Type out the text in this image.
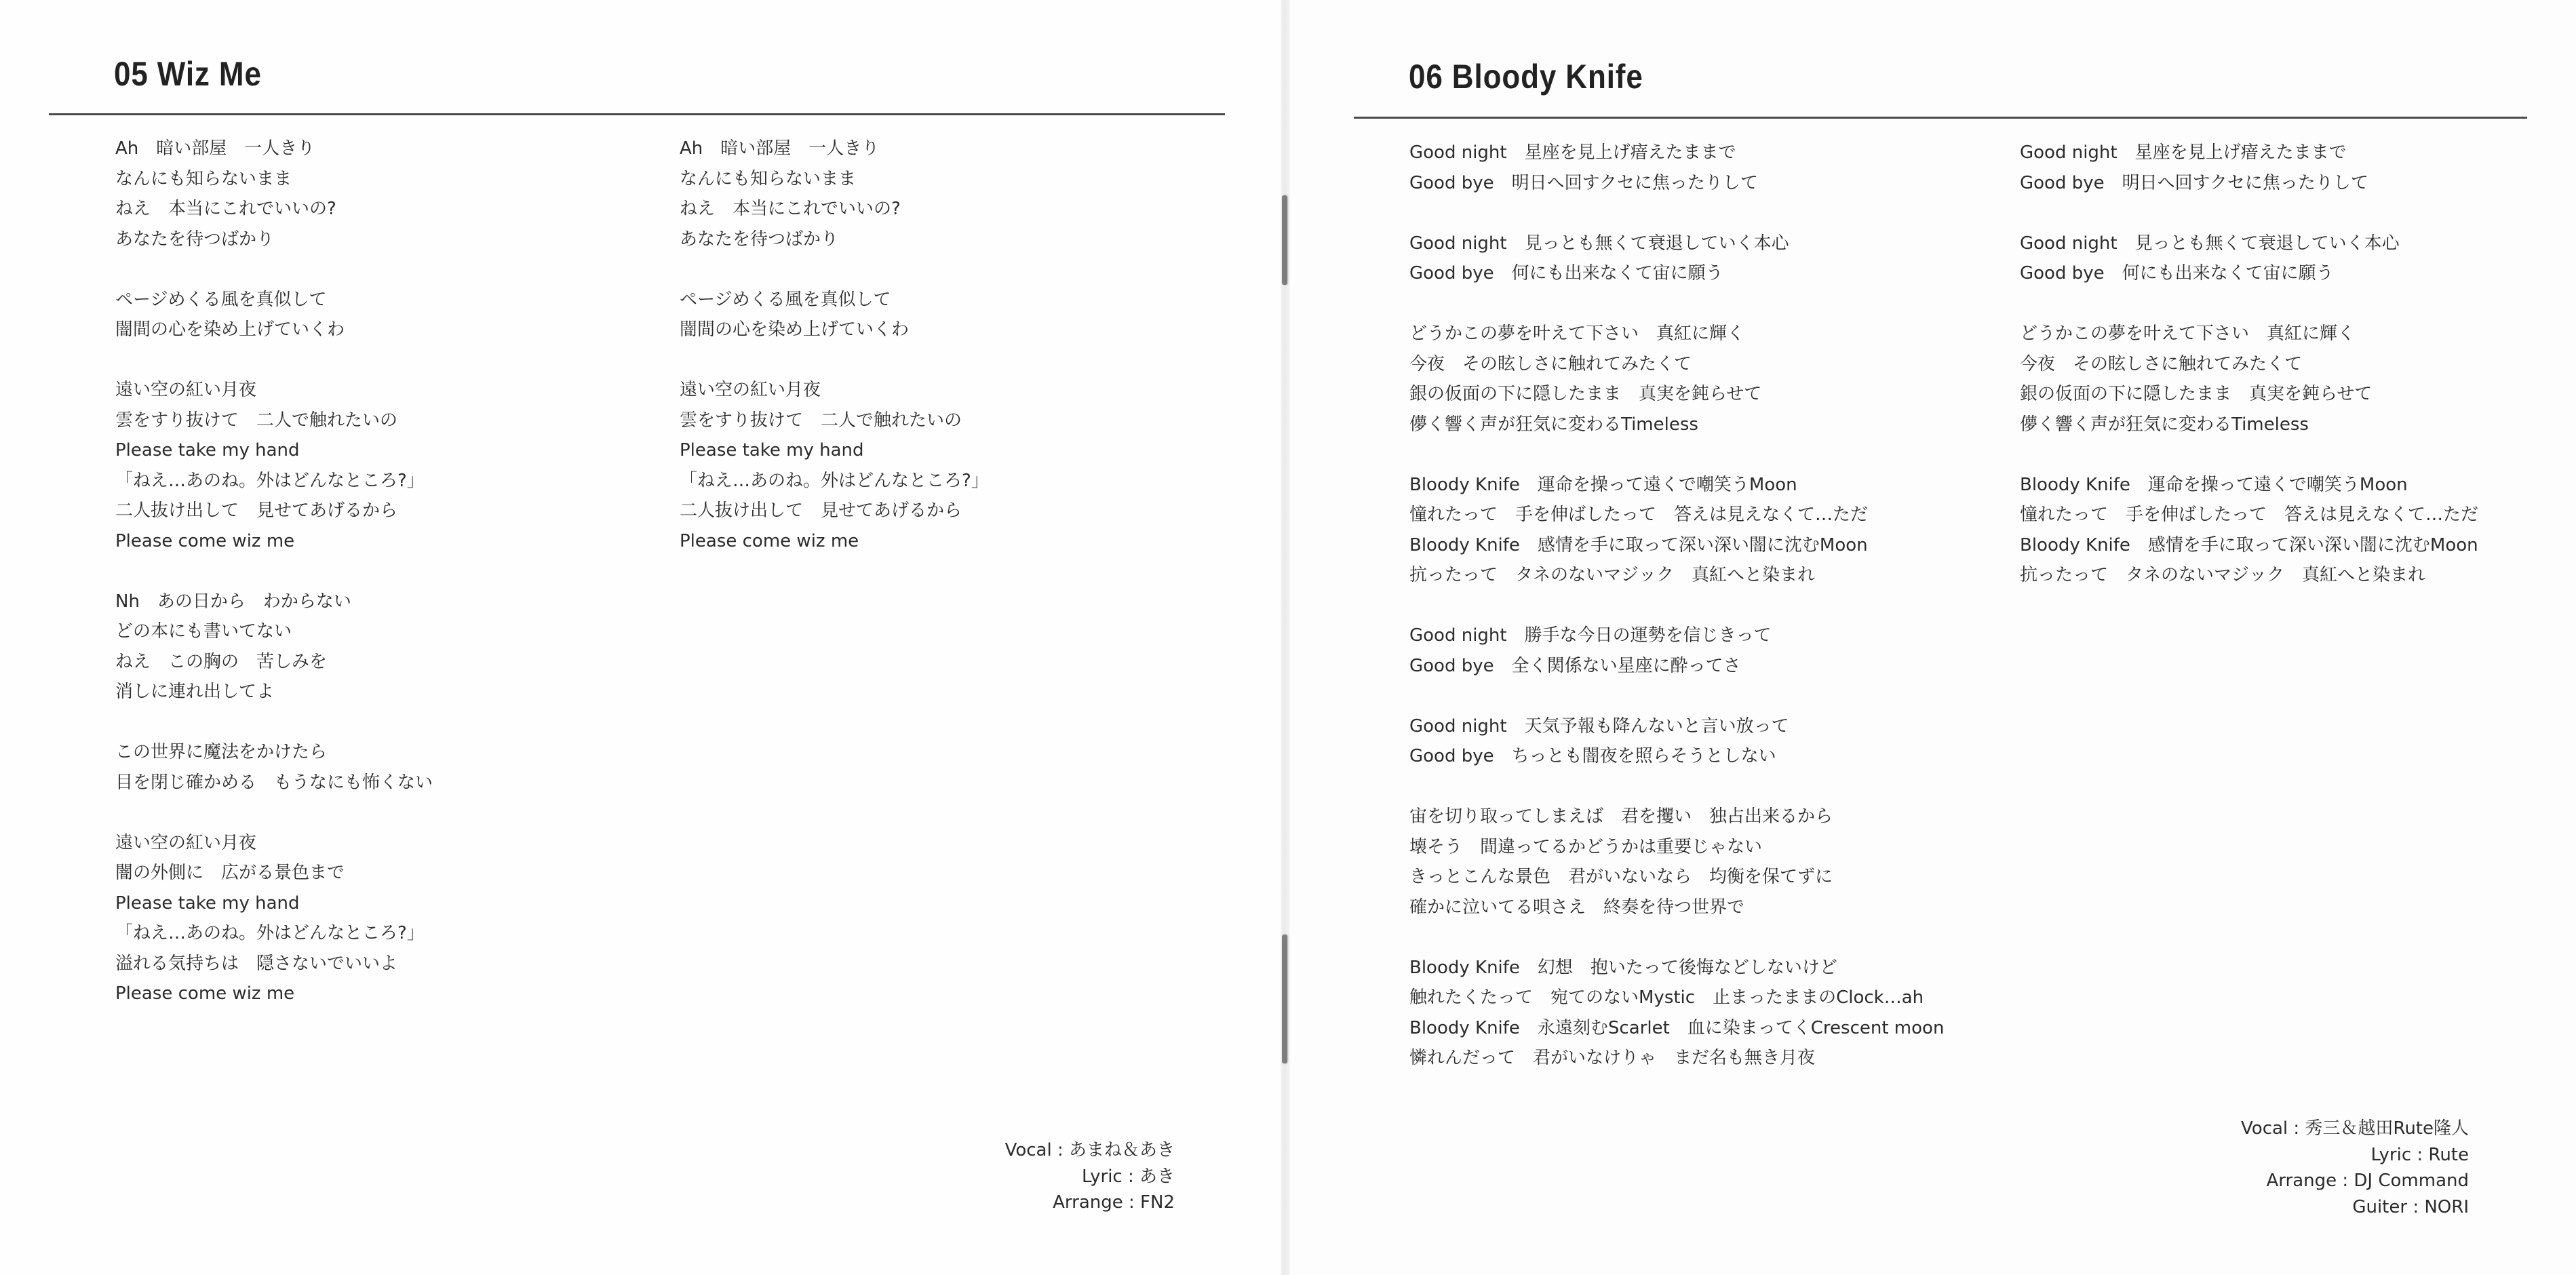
05 Wiz Me
Ah　暗い部屋　一人きり
なんにも知らないまま
ねえ　本当にこれでいいの?
あなたを待つばかり
ページめくる風を真似して
闇間の心を染め上げていくわ
遠い空の紅い月夜
雲をすり抜けて　二人で触れたいの
Please take my hand
「ねえ…あのね。外はどんなところ?」
二人抜け出して　見せてあげるから
Please come wiz me
Nh　あの日から　わからない
どの本にも書いてない
ねえ　この胸の　苦しみを
消しに連れ出してよ
この世界に魔法をかけたら
目を閉じ確かめる　もうなにも怖くない
遠い空の紅い月夜
闇の外側に　広がる景色まで
Please take my hand
「ねえ…あのね。外はどんなところ?」
溢れる気持ちは　隠さないでいいよ
Please come wiz me
Ah　暗い部屋　一人きり
なんにも知らないまま
ねえ　本当にこれでいいの?
あなたを待つばかり
ページめくる風を真似して
闇間の心を染め上げていくわ
遠い空の紅い月夜
雲をすり抜けて　二人で触れたいの
Please take my hand
「ねえ…あのね。外はどんなところ?」
二人抜け出して　見せてあげるから
Please come wiz me
Vocal : あまね＆あき
Lyric : あき
Arrange : FN2
06 Bloody Knife
Good night　星座を見上げ瘖えたままで
Good bye　明日へ回すクセに焦ったりして
Good night　見っとも無くて衰退していく本心
Good bye　何にも出来なくて宙に願う
どうかこの夢を叶えて下さい　真紅に輝く
今夜　その眩しさに触れてみたくて
銀の仮面の下に隠したまま　真実を鈍らせて
儚く響く声が狂気に変わるTimeless
Bloody Knife　運命を操って遠くで嘲笑うMoon
憧れたって　手を伸ばしたって　答えは見えなくて…ただ
Bloody Knife　感情を手に取って深い深い闇に沈むMoon
抗ったって　タネのないマジック　真紅へと染まれ
Good night　勝手な今日の運勢を信じきって
Good bye　全く関係ない星座に酔ってさ
Good night　天気予報も降んないと言い放って
Good bye　ちっとも闇夜を照らそうとしない
宙を切り取ってしまえば　君を攫い　独占出来るから
壊そう　間違ってるかどうかは重要じゃない
きっとこんな景色　君がいないなら　均衡を保てずに
確かに泣いてる唄さえ　終奏を待つ世界で
Bloody Knife　幻想　抱いたって後悔などしないけど
触れたくたって　宛てのないMystic　止まったままのClock…ah
Bloody Knife　永遠刻むScarlet　血に染まってくCrescent moon
憐れんだって　君がいなけりゃ　まだ名も無き月夜
Good night　星座を見上げ瘖えたままで
Good bye　明日へ回すクセに焦ったりして
Good night　見っとも無くて衰退していく本心
Good bye　何にも出来なくて宙に願う
どうかこの夢を叶えて下さい　真紅に輝く
今夜　その眩しさに触れてみたくて
銀の仮面の下に隠したまま　真実を鈍らせて
儚く響く声が狂気に変わるTimeless
Bloody Knife　運命を操って遠くで嘲笑うMoon
憧れたって　手を伸ばしたって　答えは見えなくて…ただ
Bloody Knife　感情を手に取って深い深い闇に沈むMoon
抗ったって　タネのないマジック　真紅へと染まれ
Vocal : 秀三＆越田Rute隆人
Lyric : Rute
Arrange : DJ Command
Guiter : NORI
